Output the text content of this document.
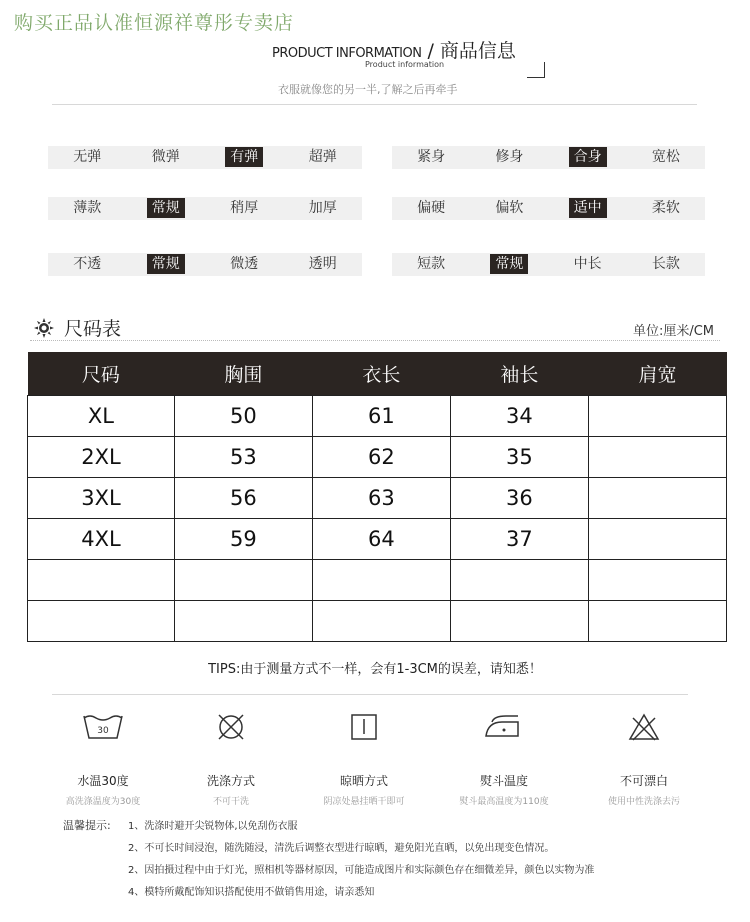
购买正品认准恒源祥尊彤专卖店
PRODUCT INFORMATION / 商品信息
Product information
衣服就像您的另一半,了解之后再牵手
无弹	微弹	有弹	超弹	紧身	修身	合身	宽松
薄款	常规	稍厚	加厚	偏硬	偏软	适中	柔软
不透	常规	微透	透明	短款	常规	中长	长款
尺码表	单位:厘米/CM
尺码	胸围	衣长	袖长	肩宽
XL	50	61	34	
2XL	53	62	35	
3XL	56	63	36	
4XL	59	64	37	

TIPS:由于测量方式不一样，会有1-3CM的误差，请知悉！
30
水温30度
高洗涤温度为30度
洗涤方式
不可干洗
晾晒方式
阴凉处悬挂晒干即可
熨斗温度
熨斗最高温度为110度
不可漂白
使用中性洗涤去污
温馨提示: 1、洗涤时避开尖锐物体,以免刮伤衣服
2、不可长时间浸泡，随洗随浸，清洗后调整衣型进行晾晒，避免阳光直晒，以免出现变色情况。
2、因拍摄过程中由于灯光，照相机等器材原因，可能造成图片和实际颜色存在细微差异，颜色以实物为准
4、模特所戴配饰知识搭配使用不做销售用途，请亲悉知
